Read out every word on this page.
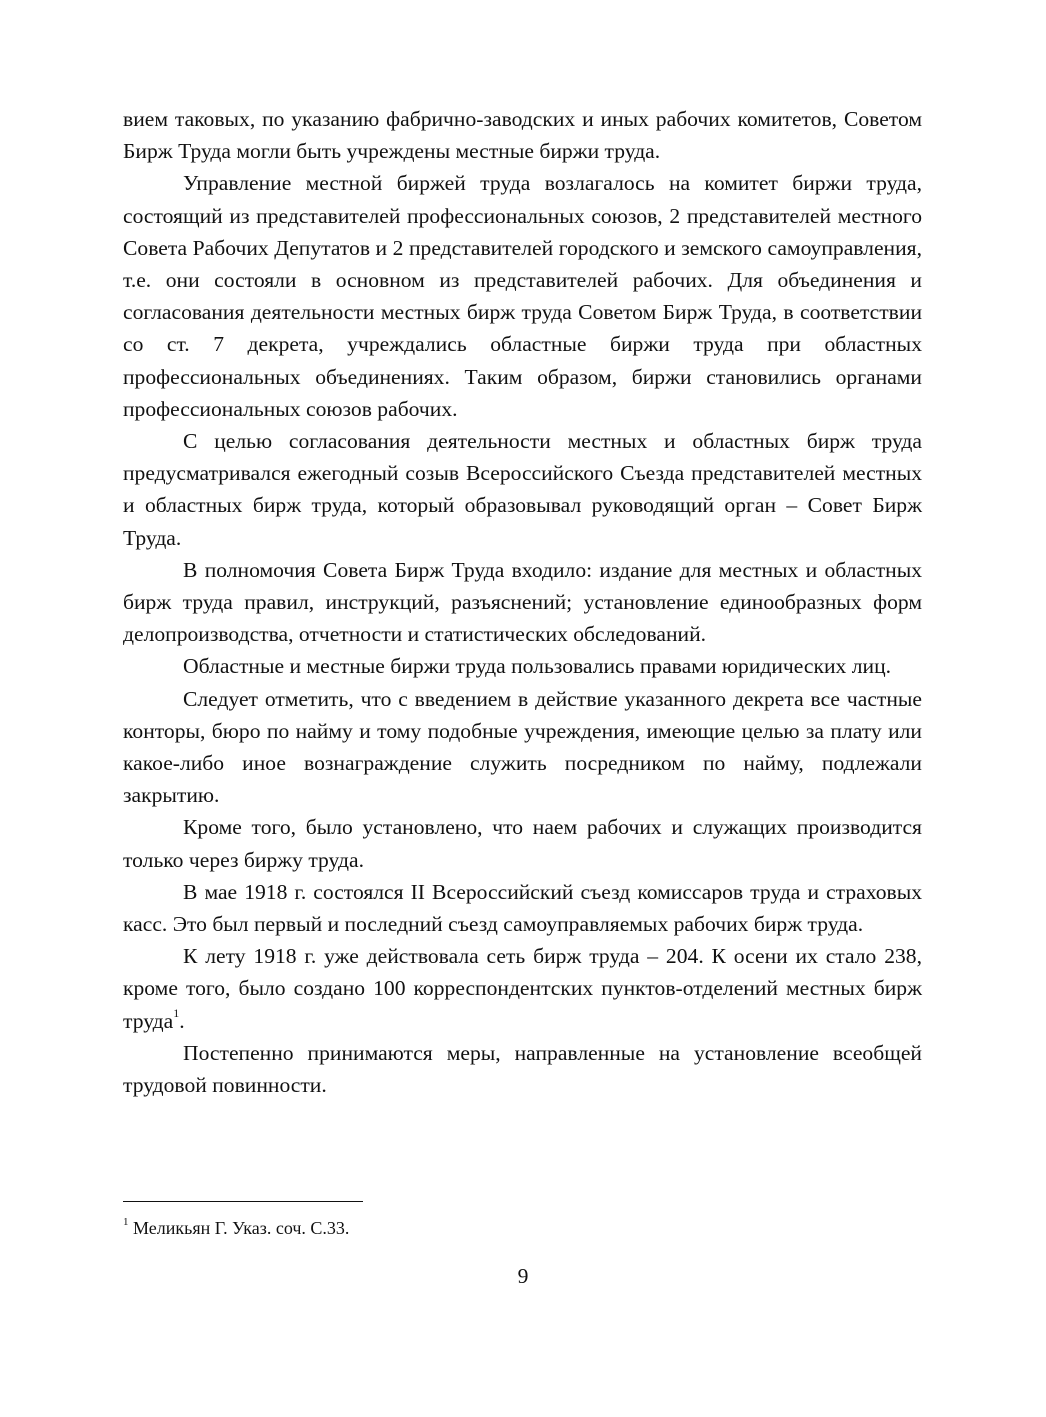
вием таковых, по указанию фабрично-заводских и иных рабочих комитетов, Советом Бирж Труда могли быть учреждены местные биржи труда.

Управление местной биржей труда возлагалось на комитет биржи труда, состоящий из представителей профессиональных союзов, 2 представителей местного Совета Рабочих Депутатов и 2 представителей городского и земского самоуправления, т.е. они состояли в основном из представителей рабочих. Для объединения и согласования деятельности местных бирж труда Советом Бирж Труда, в соответствии со ст. 7 декрета, учреждались областные биржи труда при областных профессиональных объединениях. Таким образом, биржи становились органами профессиональных союзов рабочих.

С целью согласования деятельности местных и областных бирж труда предусматривался ежегодный созыв Всероссийского Съезда представителей местных и областных бирж труда, который образовывал руководящий орган – Совет Бирж Труда.

В полномочия Совета Бирж Труда входило: издание для местных и областных бирж труда правил, инструкций, разъяснений; установление единообразных форм делопроизводства, отчетности и статистических обследований.

Областные и местные биржи труда пользовались правами юридических лиц.

Следует отметить, что с введением в действие указанного декрета все частные конторы, бюро по найму и тому подобные учреждения, имеющие целью за плату или какое-либо иное вознаграждение служить посредником по найму, подлежали закрытию.

Кроме того, было установлено, что наем рабочих и служащих производится только через биржу труда.

В мае 1918 г. состоялся II Всероссийский съезд комиссаров труда и страховых касс. Это был первый и последний съезд самоуправляемых рабочих бирж труда.

К лету 1918 г. уже действовала сеть бирж труда – 204. К осени их стало 238, кроме того, было создано 100 корреспондентских пунктов-отделений местных бирж труда$^1$.

Постепенно принимаются меры, направленные на установление всеобщей трудовой повинности.

$^1$ Меликьян Г. Указ. соч. С.33.
9
